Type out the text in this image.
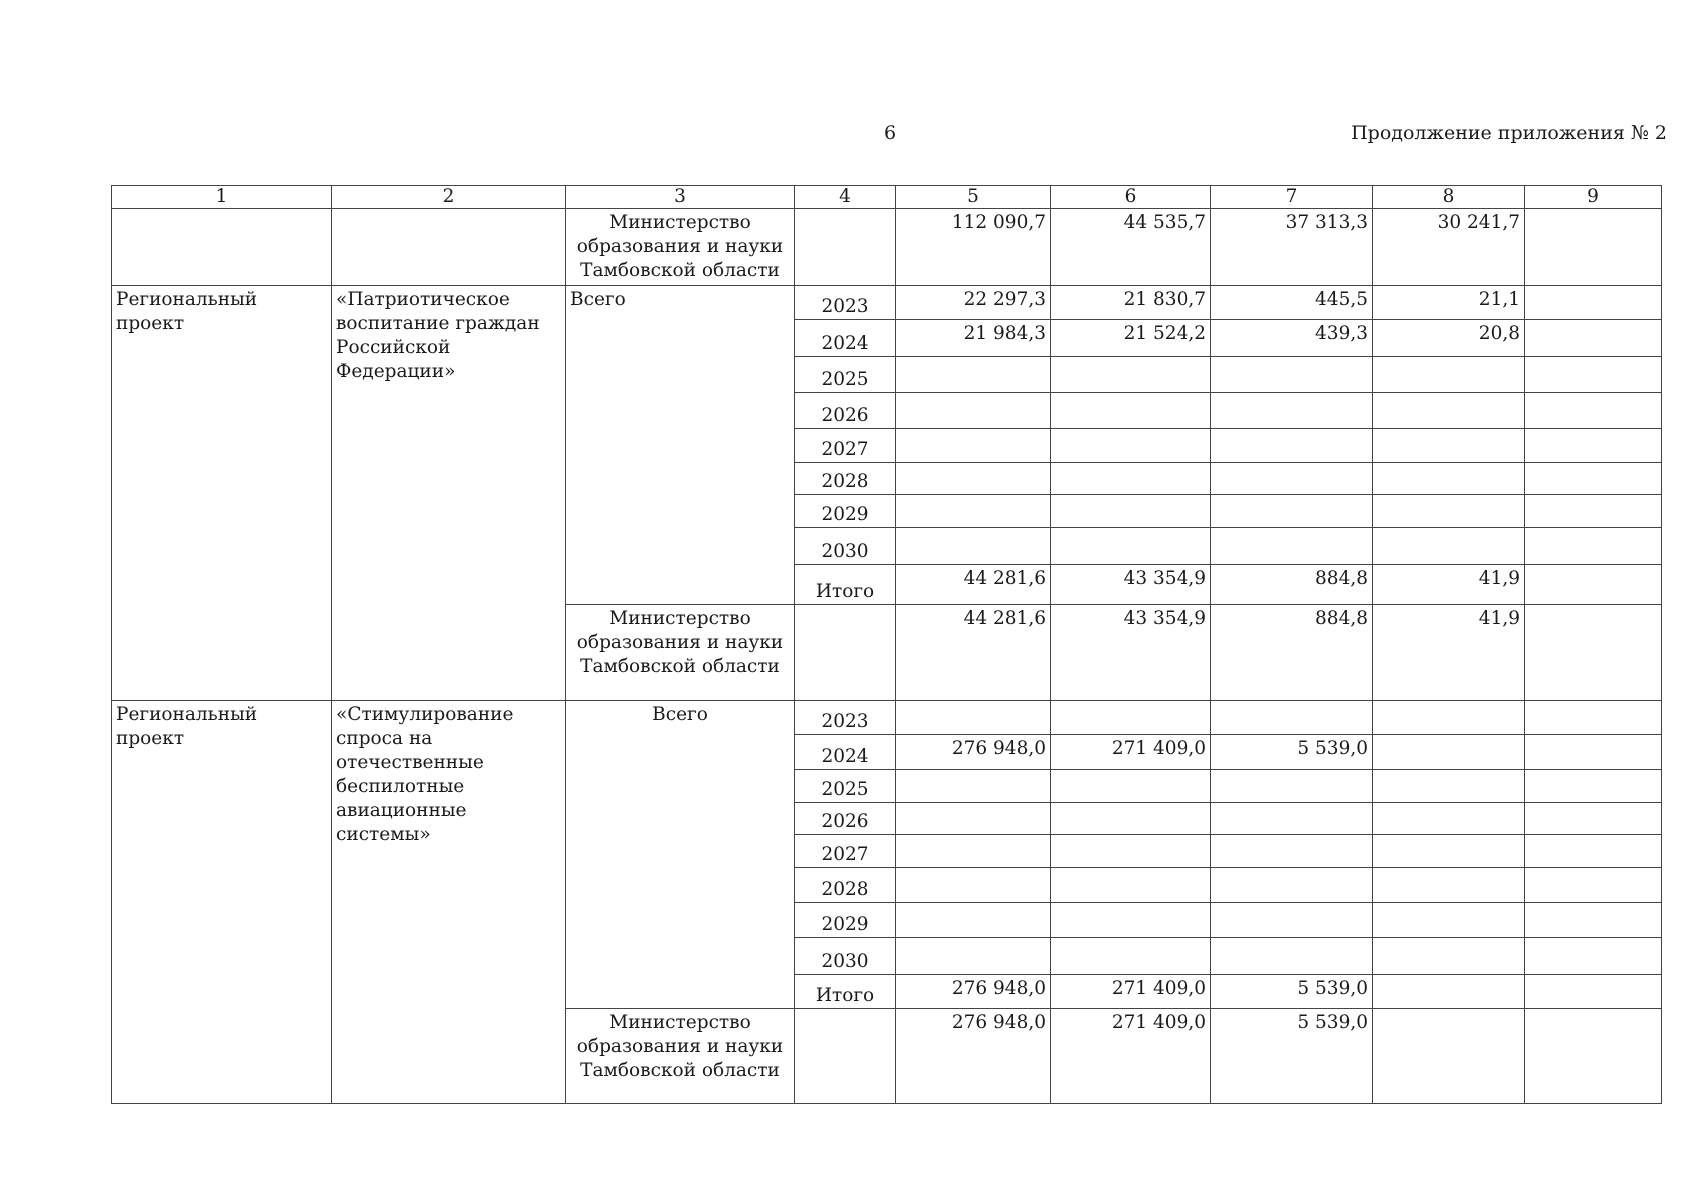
6	Продолжение приложения № 2
1	2	3	4	5	6	7	8	9
		Министерство образования и науки Тамбовской области		112 090,7	44 535,7	37 313,3	30 241,7	
Региональный проект	«Патриотическое воспитание граждан Российской Федерации»	Всего	2023	22 297,3	21 830,7	445,5	21,1	
			2024	21 984,3	21 524,2	439,3	20,8	
			2025					
			2026					
			2027					
			2028					
			2029					
			2030					
			Итого	44 281,6	43 354,9	884,8	41,9	
		Министерство образования и науки Тамбовской области		44 281,6	43 354,9	884,8	41,9	
Региональный проект	«Стимулирование спроса на отечественные беспилотные авиационные системы»	Всего	2023					
			2024	276 948,0	271 409,0	5 539,0		
			2025					
			2026					
			2027					
			2028					
			2029					
			2030					
			Итого	276 948,0	271 409,0	5 539,0		
		Министерство образования и науки Тамбовской области		276 948,0	271 409,0	5 539,0		
